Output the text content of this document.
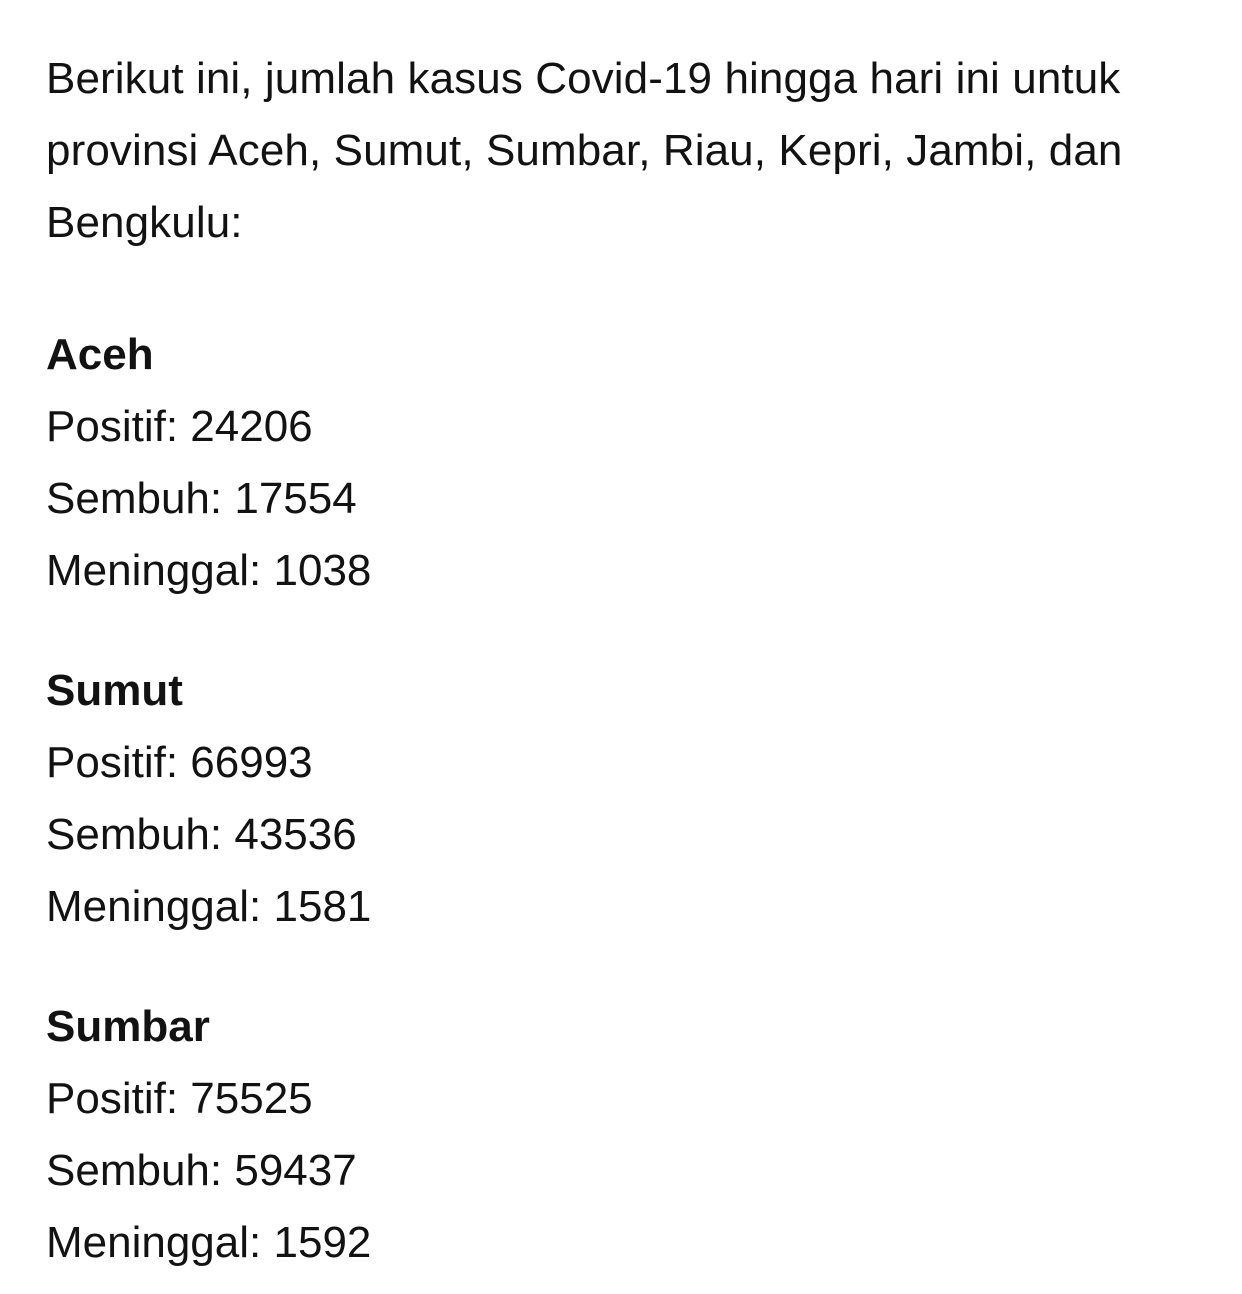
Berikut ini, jumlah kasus Covid-19 hingga hari ini untuk provinsi Aceh, Sumut, Sumbar, Riau, Kepri, Jambi, dan Bengkulu:

Aceh

Positif: 24206

Sembuh: 17554

Meninggal: 1038

Sumut

Positif: 66993

Sembuh: 43536

Meninggal: 1581

Sumbar

Positif: 75525

Sembuh: 59437

Meninggal: 1592
